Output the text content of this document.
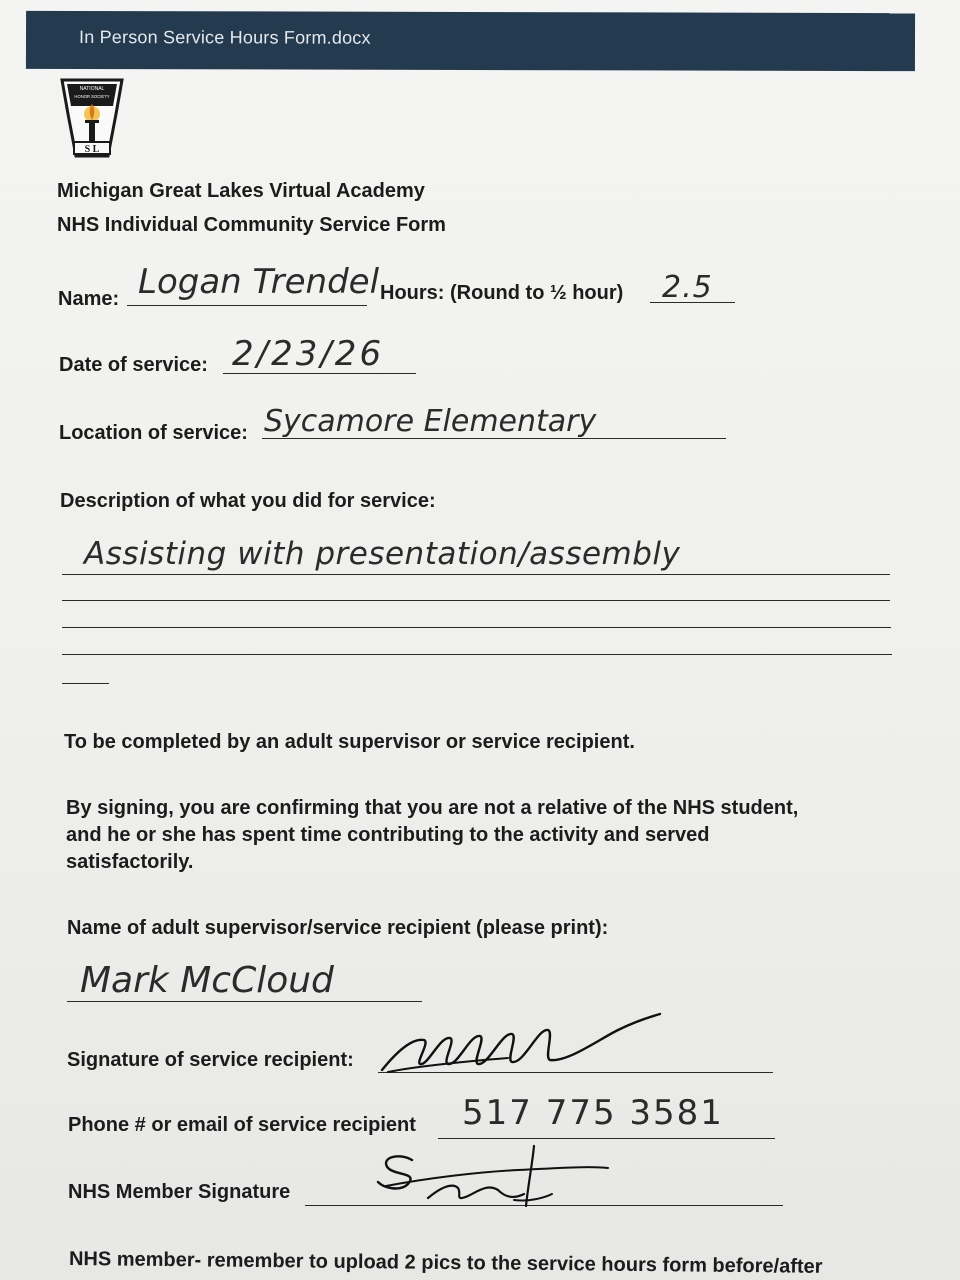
In Person Service Hours Form.docx
NATIONAL
HONOR SOCIETY
S L
Michigan Great Lakes Virtual Academy
NHS Individual Community Service Form
Name: Logan Trendel Hours: (Round to ½ hour) 2.5
Date of service: 2/23/26
Location of service: Sycamore Elementary
Description of what you did for service:
Assisting with presentation/assembly
To be completed by an adult supervisor or service recipient.
By signing, you are confirming that you are not a relative of the NHS student,
and he or she has spent time contributing to the activity and served
satisfactorily.
Name of adult supervisor/service recipient (please print):
Mark McCloud
Signature of service recipient:
Phone # or email of service recipient 517 775 3581
NHS Member Signature
NHS member- remember to upload 2 pics to the service hours form before/after
